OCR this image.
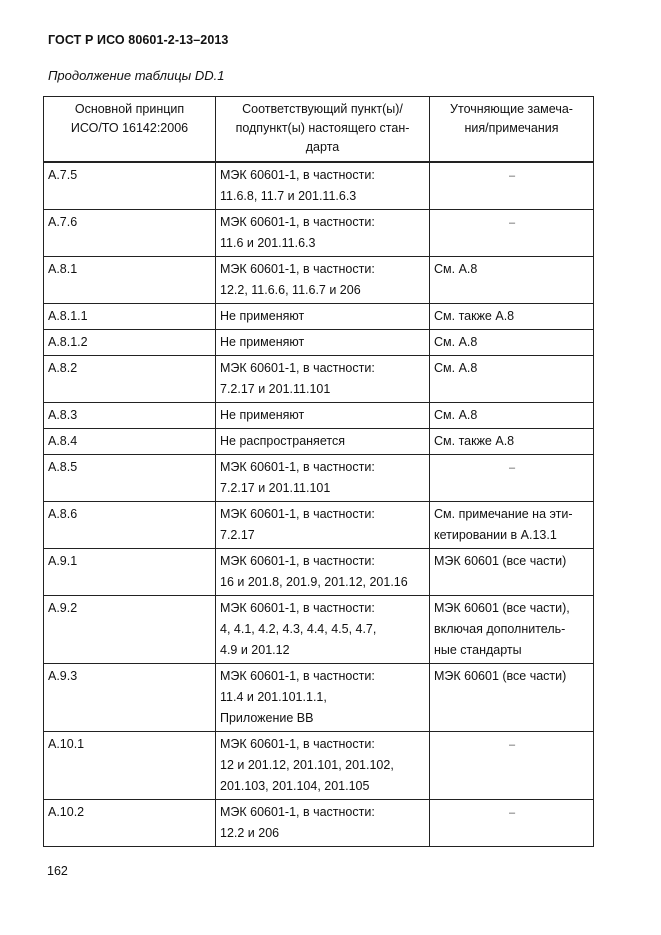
ГОСТ Р ИСО 80601-2-13–2013
Продолжение таблицы DD.1
Основной принцип
ИСО/ТО 16142:2006	Соответствующий пункт(ы)/
подпункт(ы) настоящего стан-
дарта	Уточняющие замеча-
ния/примечания
A.7.5	МЭК 60601-1, в частности:
11.6.8, 11.7 и 201.11.6.3	–
A.7.6	МЭК 60601-1, в частности:
11.6 и 201.11.6.3	–
A.8.1	МЭК 60601-1, в частности:
12.2, 11.6.6, 11.6.7 и 206	См. А.8
A.8.1.1	Не применяют	См. также А.8
A.8.1.2	Не применяют	См. А.8
A.8.2	МЭК 60601-1, в частности:
7.2.17 и 201.11.101	См. А.8
A.8.3	Не применяют	См. А.8
A.8.4	Не распространяется	См. также А.8
A.8.5	МЭК 60601-1, в частности:
7.2.17 и 201.11.101	–
A.8.6	МЭК 60601-1, в частности:
7.2.17	См. примечание на эти-
кетировании в А.13.1
A.9.1	МЭК 60601-1, в частности:
16 и 201.8, 201.9, 201.12, 201.16	МЭК 60601 (все части)
A.9.2	МЭК 60601-1, в частности:
4, 4.1, 4.2, 4.3, 4.4, 4.5, 4.7,
4.9 и 201.12	МЭК 60601 (все части),
включая дополнитель-
ные стандарты
A.9.3	МЭК 60601-1, в частности:
11.4 и 201.101.1.1,
Приложение ВВ	МЭК 60601 (все части)
A.10.1	МЭК 60601-1, в частности:
12 и 201.12, 201.101, 201.102,
201.103, 201.104, 201.105	–
A.10.2	МЭК 60601-1, в частности:
12.2 и 206	–
162
